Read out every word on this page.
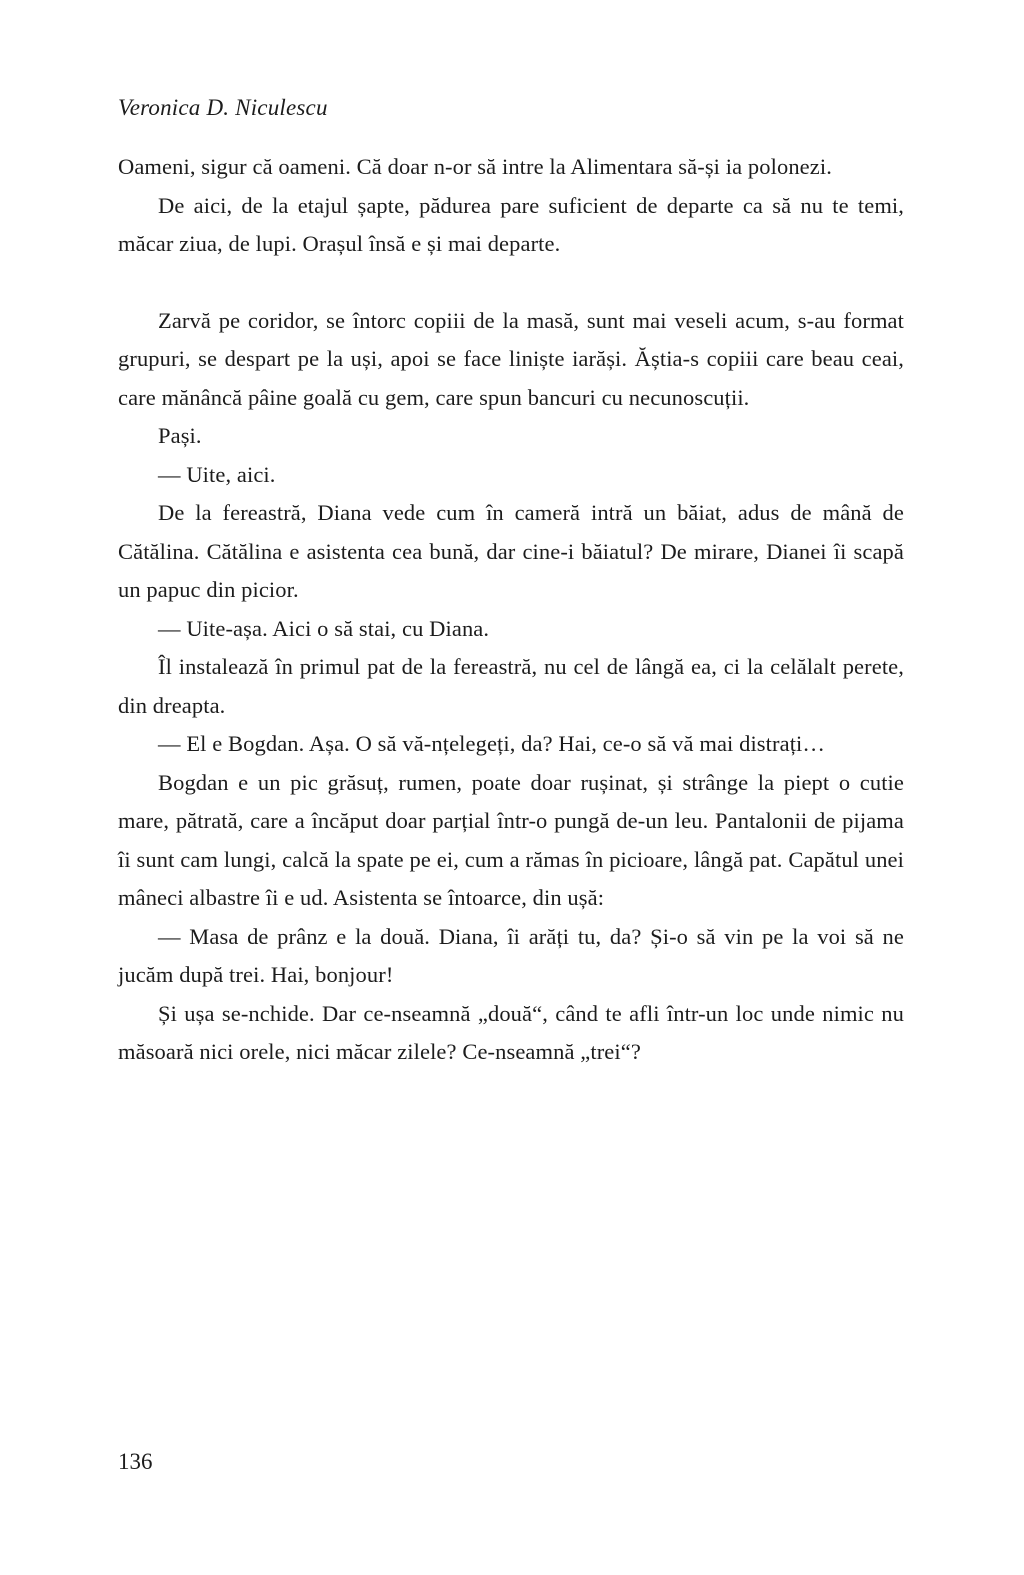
Veronica D. Niculescu

Oameni, sigur că oameni. Că doar n-or să intre la Alimentara să-și ia polonezi.

De aici, de la etajul șapte, pădurea pare suficient de departe ca să nu te temi, măcar ziua, de lupi. Orașul însă e și mai departe.

Zarvă pe coridor, se întorc copiii de la masă, sunt mai veseli acum, s-au format grupuri, se despart pe la uși, apoi se face liniște iarăși. Ăștia-s copiii care beau ceai, care mănâncă pâine goală cu gem, care spun bancuri cu necunoscuții.

Pași.

— Uite, aici.

De la fereastră, Diana vede cum în cameră intră un băiat, adus de mână de Cătălina. Cătălina e asistenta cea bună, dar cine-i băiatul? De mirare, Dianei îi scapă un papuc din picior.

— Uite-așa. Aici o să stai, cu Diana.

Îl instalează în primul pat de la fereastră, nu cel de lângă ea, ci la celălalt perete, din dreapta.

— El e Bogdan. Așa. O să vă-nțelegeți, da? Hai, ce-o să vă mai distrați…

Bogdan e un pic grăsuț, rumen, poate doar rușinat, și strânge la piept o cutie mare, pătrată, care a încăput doar parțial într-o pungă de-un leu. Pantalonii de pijama îi sunt cam lungi, calcă la spate pe ei, cum a rămas în picioare, lângă pat. Capătul unei mâneci albastre îi e ud. Asistenta se întoarce, din ușă:

— Masa de prânz e la două. Diana, îi arăți tu, da? Și-o să vin pe la voi să ne jucăm după trei. Hai, bonjour!

Și ușa se-nchide. Dar ce-nseamnă „două“, când te afli într-un loc unde nimic nu măsoară nici orele, nici măcar zilele? Ce-nseamnă „trei“?

136
